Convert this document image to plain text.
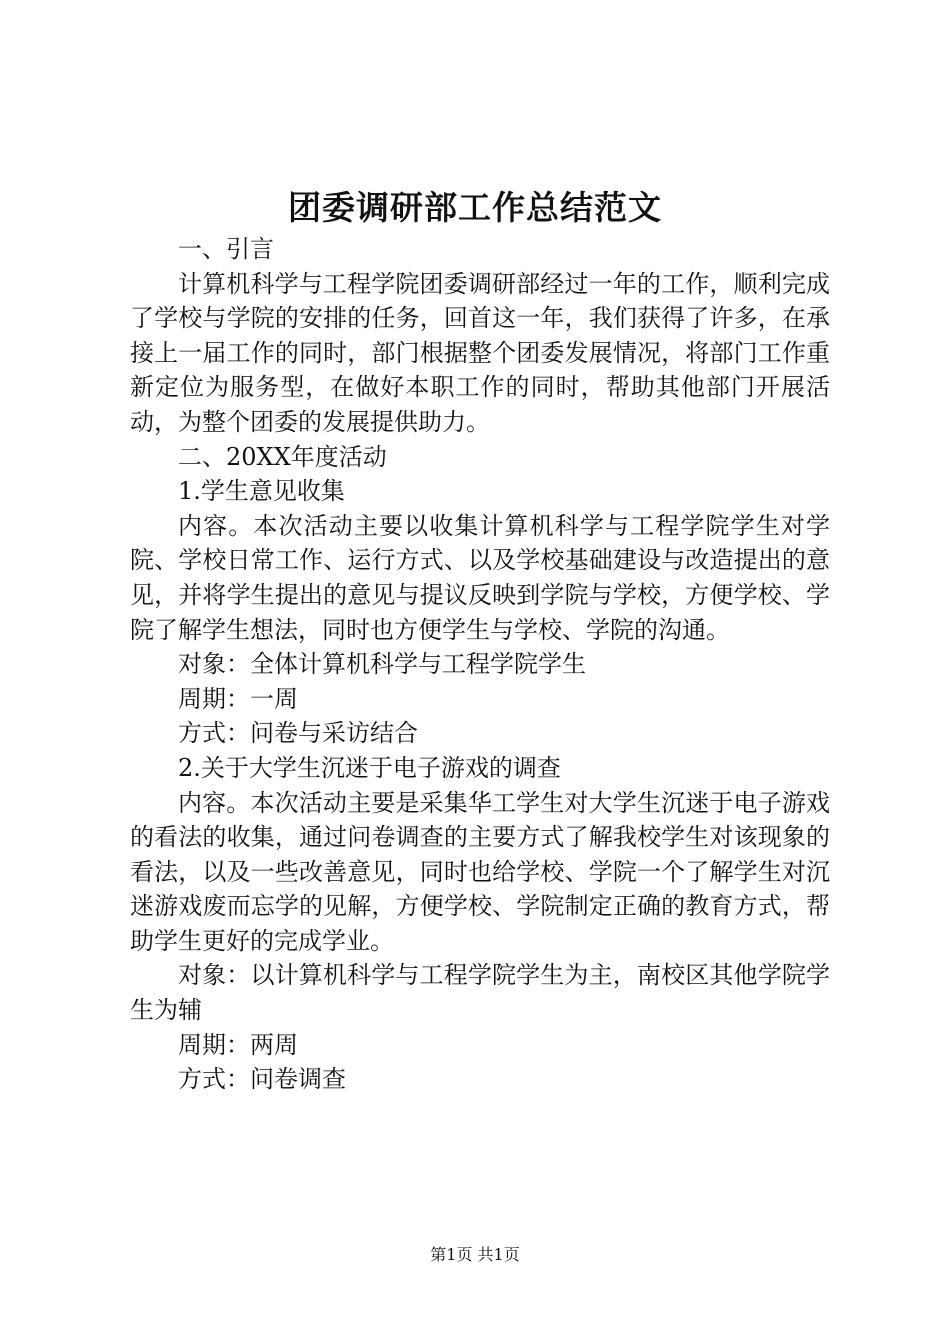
团委调研部工作总结范文

一、引言

计算机科学与工程学院团委调研部经过一年的工作，顺利完成了学校与学院的安排的任务，回首这一年，我们获得了许多，在承接上一届工作的同时，部门根据整个团委发展情况，将部门工作重新定位为服务型，在做好本职工作的同时，帮助其他部门开展活动，为整个团委的发展提供助力。

二、20XX年度活动

1.学生意见收集

内容。本次活动主要以收集计算机科学与工程学院学生对学院、学校日常工作、运行方式、以及学校基础建设与改造提出的意见，并将学生提出的意见与提议反映到学院与学校，方便学校、学院了解学生想法，同时也方便学生与学校、学院的沟通。

对象：全体计算机科学与工程学院学生

周期：一周

方式：问卷与采访结合

2.关于大学生沉迷于电子游戏的调查

内容。本次活动主要是采集华工学生对大学生沉迷于电子游戏的看法的收集，通过问卷调查的主要方式了解我校学生对该现象的看法，以及一些改善意见，同时也给学校、学院一个了解学生对沉迷游戏废而忘学的见解，方便学校、学院制定正确的教育方式，帮助学生更好的完成学业。

对象：以计算机科学与工程学院学生为主，南校区其他学院学生为辅

周期：两周

方式：问卷调查

第1页 共1页
